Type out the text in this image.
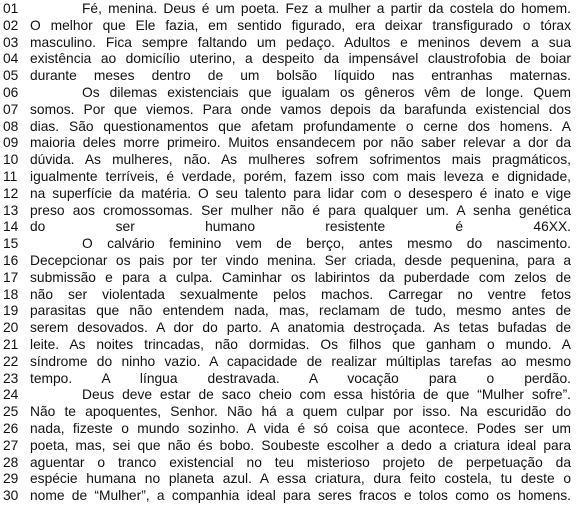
01	Fé, menina. Deus é um poeta. Fez a mulher a partir da costela do homem.
02 O melhor que Ele fazia, em sentido figurado, era deixar transfigurado o tórax
03 masculino. Fica sempre faltando um pedaço. Adultos e meninos devem a sua
04 existência ao domicílio uterino, a despeito da impensável claustrofobia de boiar
05 durante meses dentro de um bolsão líquido nas entranhas maternas.
06	Os dilemas existenciais que igualam os gêneros vêm de longe. Quem
07 somos. Por que viemos. Para onde vamos depois da barafunda existencial dos
08 dias. São questionamentos que afetam profundamente o cerne dos homens. A
09 maioria deles morre primeiro. Muitos ensandecem por não saber relevar a dor da
10 dúvida. As mulheres, não. As mulheres sofrem sofrimentos mais pragmáticos,
11 igualmente terríveis, é verdade, porém, fazem isso com mais leveza e dignidade,
12 na superfície da matéria. O seu talento para lidar com o desespero é inato e vige
13 preso aos cromossomas. Ser mulher não é para qualquer um. A senha genética
14 do ser humano resistente é 46XX.
15	O calvário feminino vem de berço, antes mesmo do nascimento.
16 Decepcionar os pais por ter vindo menina. Ser criada, desde pequenina, para a
17 submissão e para a culpa. Caminhar os labirintos da puberdade com zelos de
18 não ser violentada sexualmente pelos machos. Carregar no ventre fetos
19 parasitas que não entendem nada, mas, reclamam de tudo, mesmo antes de
20 serem desovados. A dor do parto. A anatomia destroçada. As tetas bufadas de
21 leite. As noites trincadas, não dormidas. Os filhos que ganham o mundo. A
22 síndrome do ninho vazio. A capacidade de realizar múltiplas tarefas ao mesmo
23 tempo. A língua destravada. A vocação para o perdão.
24	Deus deve estar de saco cheio com essa história de que “Mulher sofre”.
25 Não te apoquentes, Senhor. Não há a quem culpar por isso. Na escuridão do
26 nada, fizeste o mundo sozinho. A vida é só coisa que acontece. Podes ser um
27 poeta, mas, sei que não és bobo. Soubeste escolher a dedo a criatura ideal para
28 aguentar o tranco existencial no teu misterioso projeto de perpetuação da
29 espécie humana no planeta azul. A essa criatura, dura feito costela, tu deste o
30 nome de “Mulher”, a companhia ideal para seres fracos e tolos como os homens.
